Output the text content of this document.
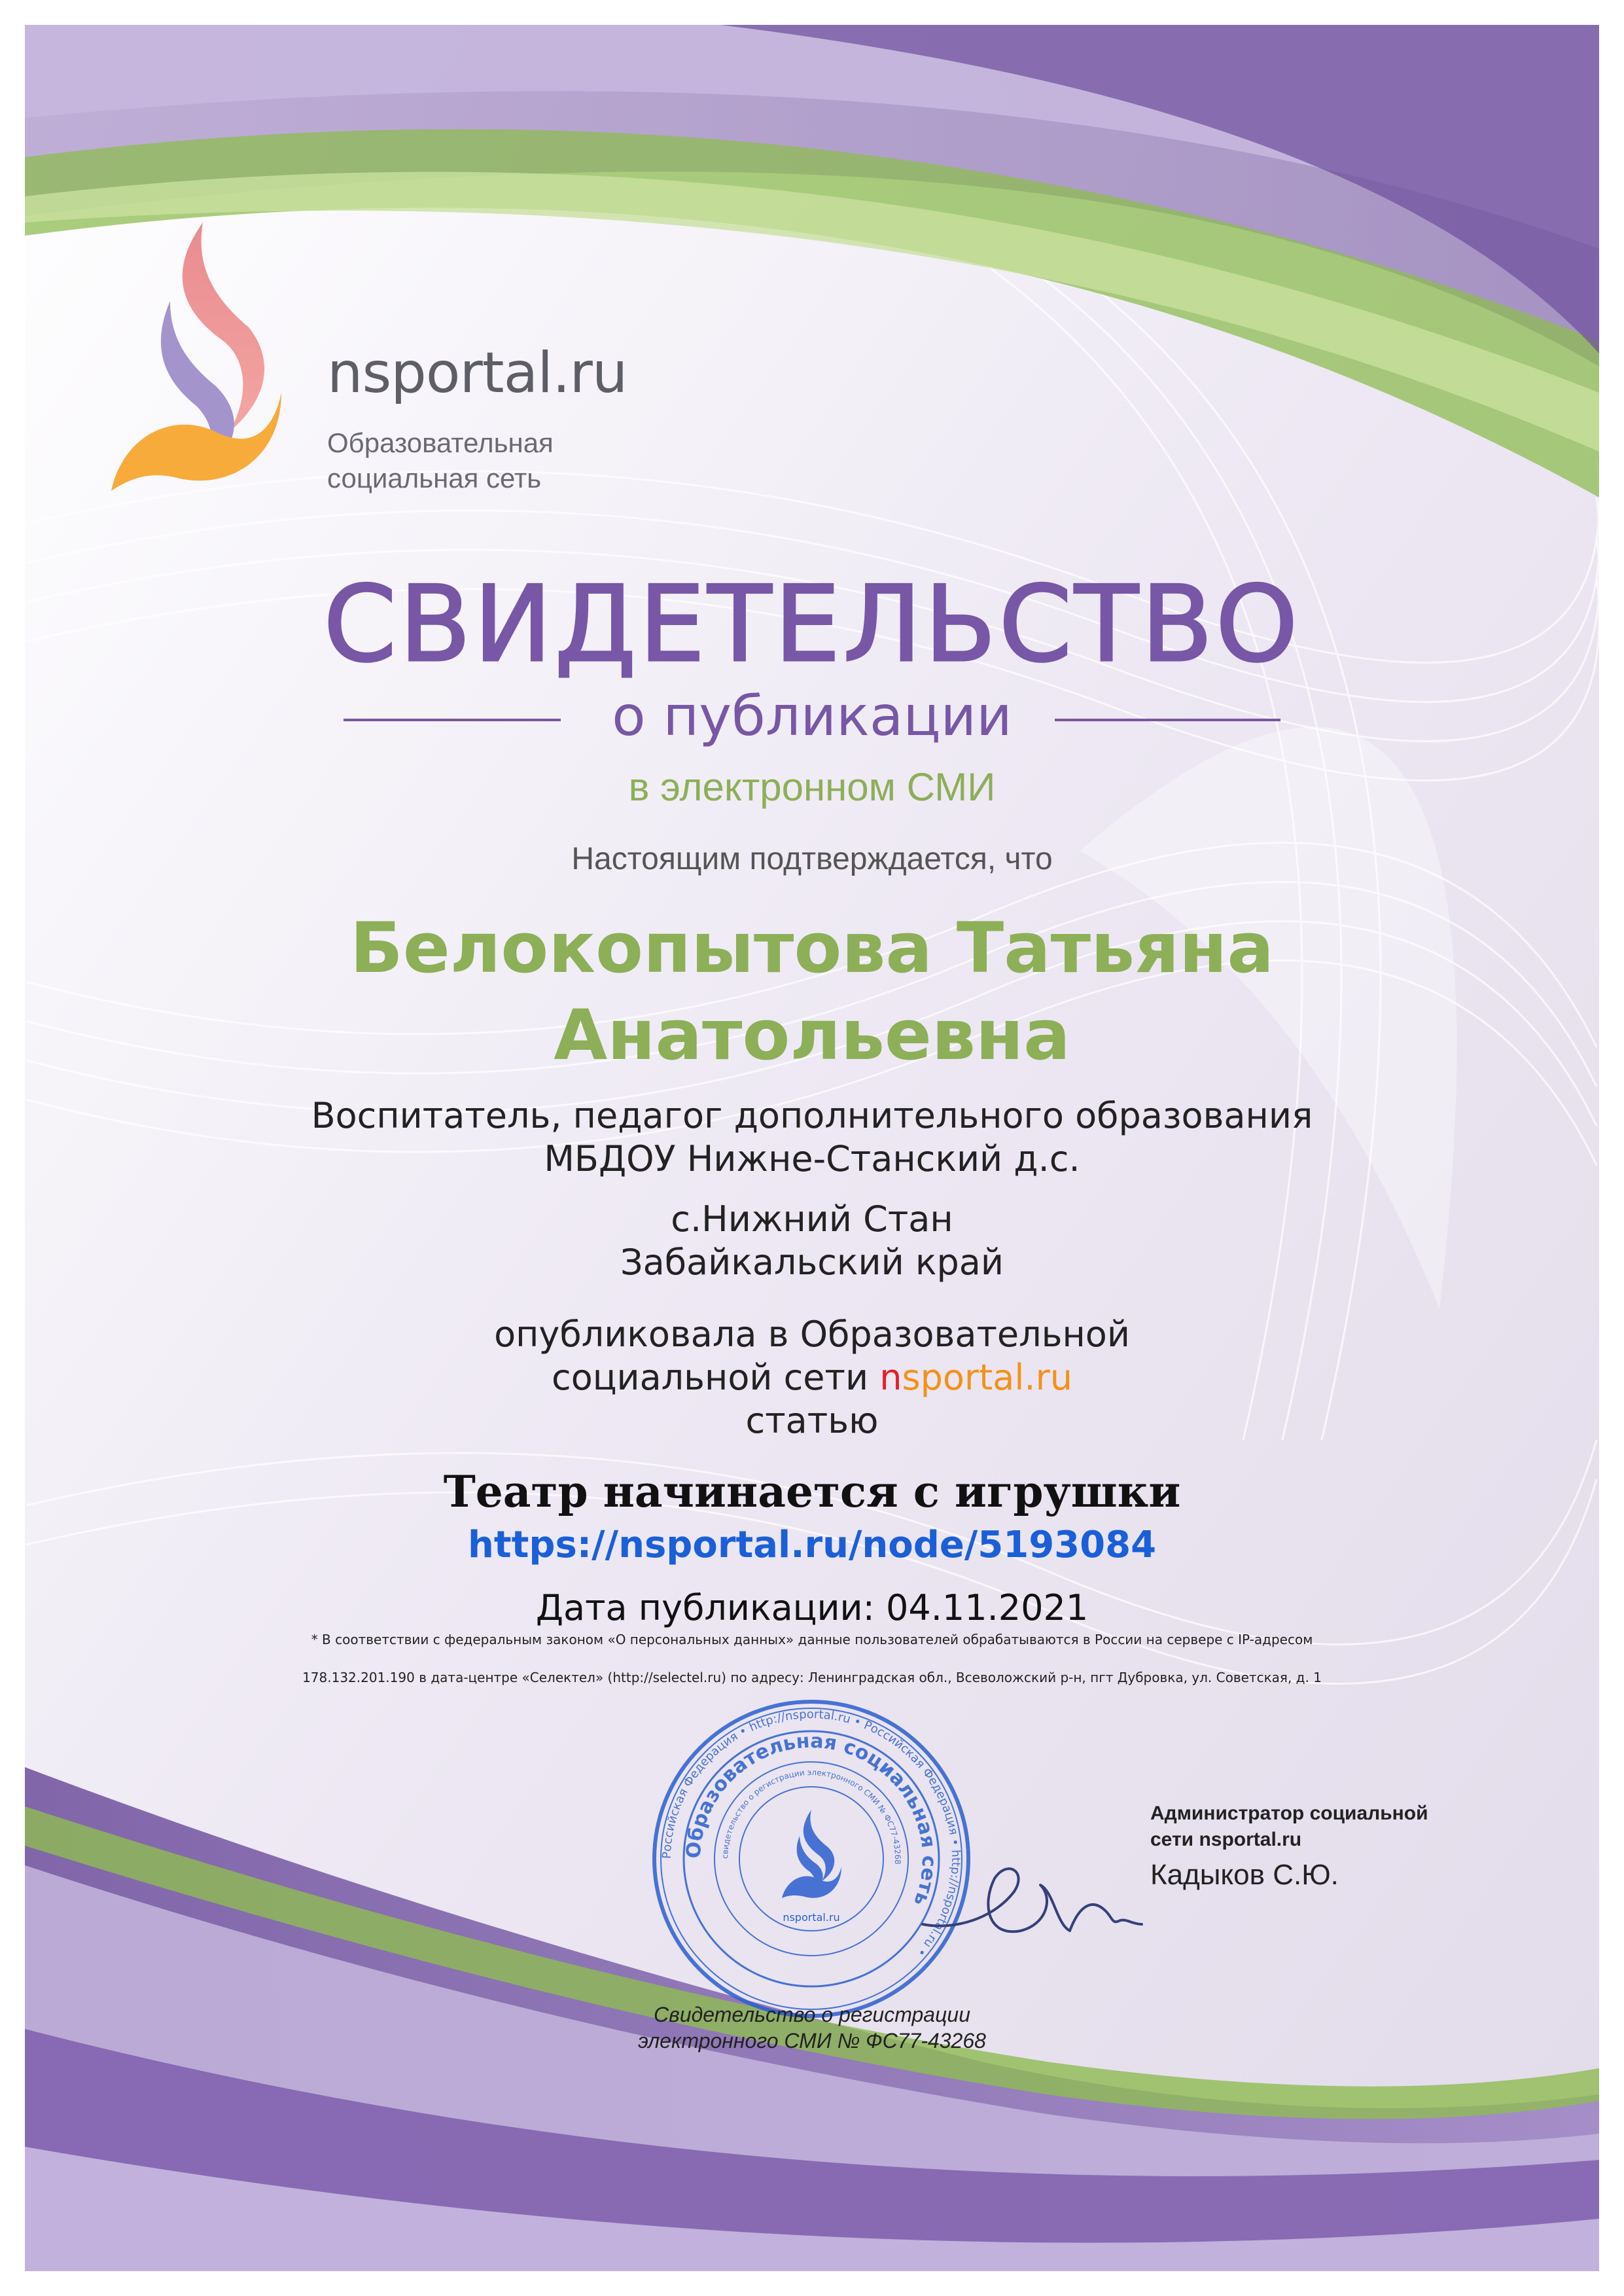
nsportal.ru
Образовательная
социальная сеть
СВИДЕТЕЛЬСТВО
о публикации
в электронном СМИ
Настоящим подтверждается, что
Белокопытова Татьяна
Анатольевна
Воспитатель, педагог дополнительного образования
МБДОУ Нижне-Станский д.с.
с.Нижний Стан
Забайкальский край
опубликовала в Образовательной
социальной сети nsportal.ru
статью
Театр начинается с игрушки
https://nsportal.ru/node/5193084
Дата публикации: 04.11.2021
* В соответствии с федеральным законом «О персональных данных» данные пользователей обрабатываются в России на сервере с IP-адресом
178.132.201.190 в дата-центре «Селектел» (http://selectel.ru) по адресу: Ленинградская обл., Всеволожский р-н, пгт Дубровка, ул. Советская, д. 1
Российская Федерация • http://nsportal.ru • Российская Федерация • http://nsportal.ru •
Образовательная социальная сеть
свидетельство о регистрации электронного СМИ № ФС77-43268
nsportal.ru
Администратор социальной
сети nsportal.ru
Кадыков С.Ю.
Свидетельство о регистрации
электронного СМИ № ФС77-43268
